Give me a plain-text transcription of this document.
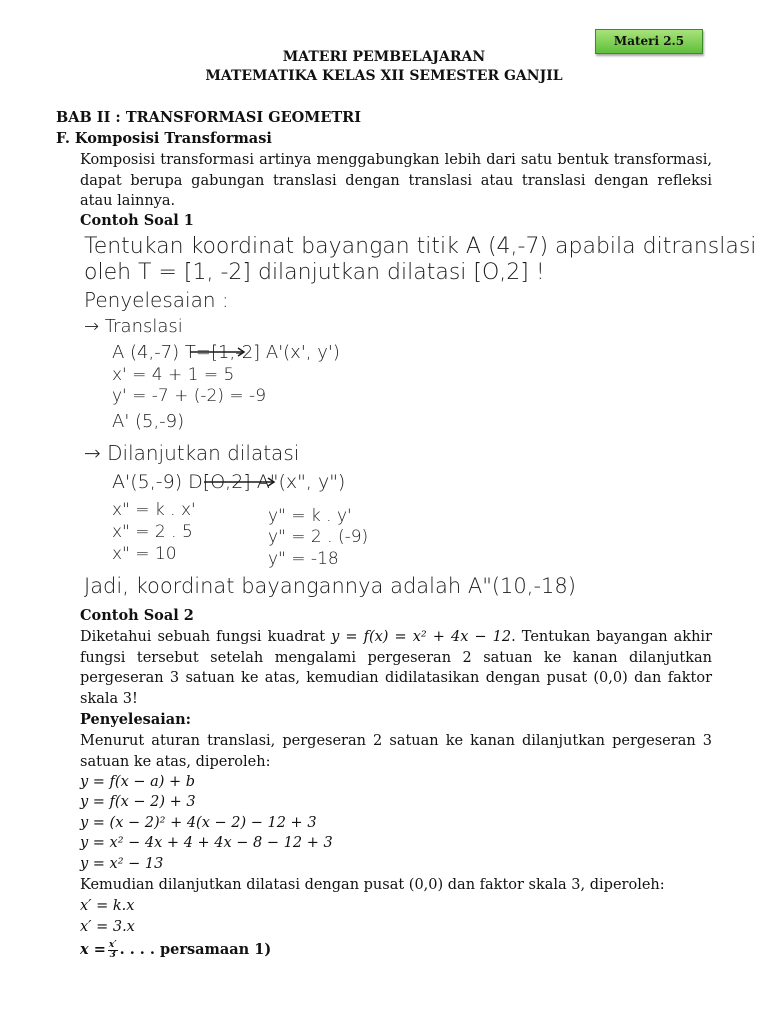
Materi 2.5
MATERI PEMBELAJARAN
MATEMATIKA KELAS XII SEMESTER GANJIL
BAB II : TRANSFORMASI GEOMETRI
F. Komposisi Transformasi
Komposisi transformasi artinya menggabungkan lebih dari satu bentuk transformasi, dapat berupa gabungan translasi dengan translasi atau translasi dengan refleksi atau lainnya.
Contoh Soal 1
Tentukan koordinat bayangan titik A (4,-7) apabila ditranslasi
oleh T = [1, -2] dilanjutkan dilatasi [O,2] !
Penyelesaian :
→ Translasi
A (4,-7) T=[1,-2] A'(x', y')
x' = 4 + 1 = 5
y' = -7 + (-2) = -9
A' (5,-9)
→ Dilanjutkan dilatasi
A'(5,-9) D[O,2] A"(x", y")
x" = k . x'
x" = 2 . 5
x" = 10
y" = k . y'
y" = 2 . (-9)
y" = -18
Jadi, koordinat bayangannya adalah A"(10,-18)
Contoh Soal 2
Diketahui sebuah fungsi kuadrat y = f(x) = x² + 4x − 12. Tentukan bayangan akhir fungsi tersebut setelah mengalami pergeseran 2 satuan ke kanan dilanjutkan pergeseran 3 satuan ke atas, kemudian didilatasikan dengan pusat (0,0) dan faktor skala 3!
Penyelesaian:
Menurut aturan translasi, pergeseran 2 satuan ke kanan dilanjutkan pergeseran 3 satuan ke atas, diperoleh:
y = f(x − a) + b
y = f(x − 2) + 3
y = (x − 2)² + 4(x − 2) − 12 + 3
y = x² − 4x + 4 + 4x − 8 − 12 + 3
y = x² − 13
Kemudian dilanjutkan dilatasi dengan pusat (0,0) dan faktor skala 3, diperoleh:
x′ = k.x
x′ = 3.x
$x = \frac{x'}{3}$ . . . . persamaan 1)
